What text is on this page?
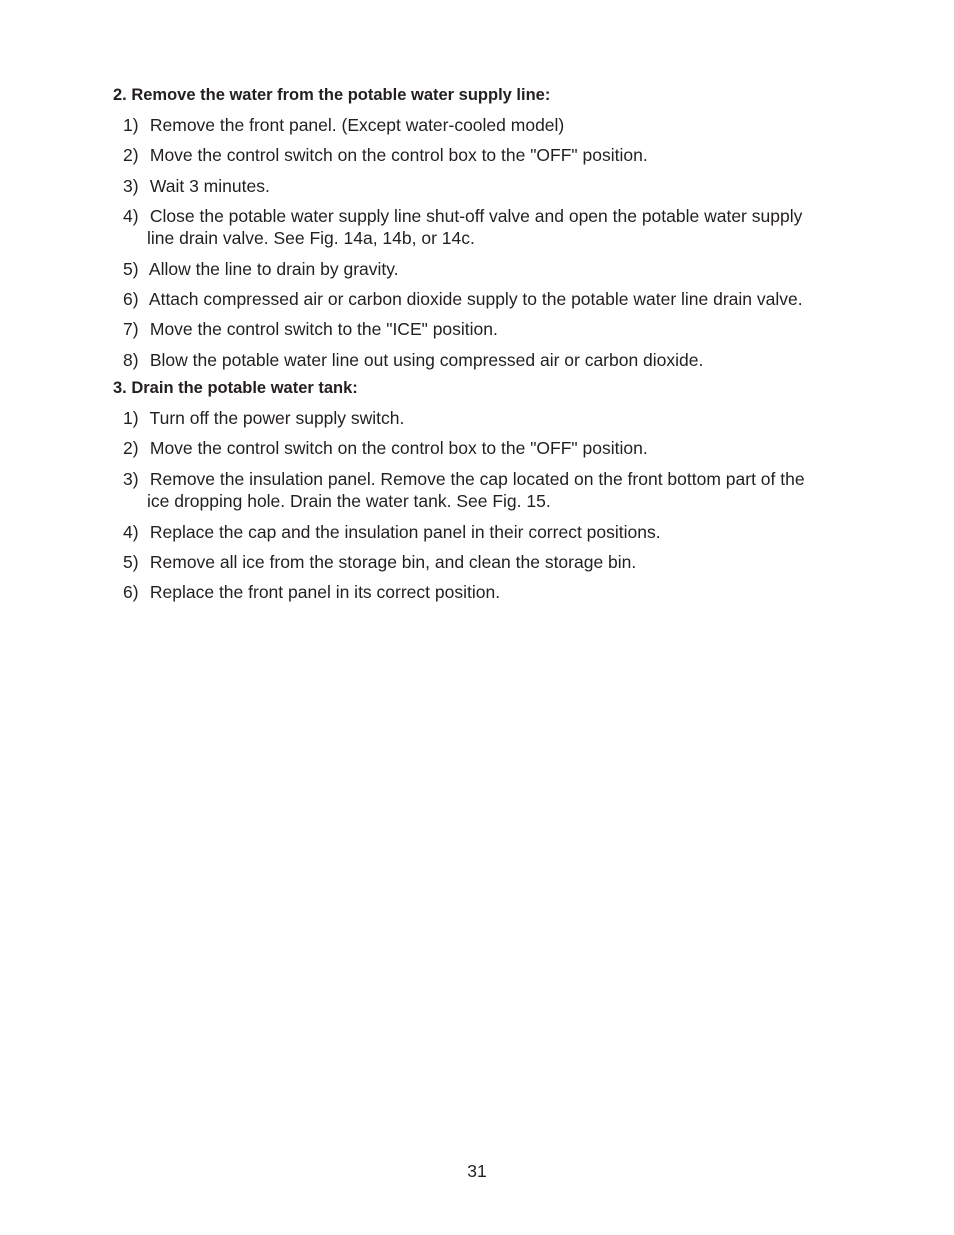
2. Remove the water from the potable water supply line:

1) Remove the front panel. (Except water-cooled model)

2) Move the control switch on the control box to the "OFF" position.

3) Wait 3 minutes.

4) Close the potable water supply line shut-off valve and open the potable water supply
line drain valve. See Fig. 14a, 14b, or 14c.

5) Allow the line to drain by gravity.

6) Attach compressed air or carbon dioxide supply to the potable water line drain valve.

7) Move the control switch to the "ICE" position.

8) Blow the potable water line out using compressed air or carbon dioxide.

3. Drain the potable water tank:

1) Turn off the power supply switch.

2) Move the control switch on the control box to the "OFF" position.

3) Remove the insulation panel. Remove the cap located on the front bottom part of the
ice dropping hole. Drain the water tank. See Fig. 15.

4) Replace the cap and the insulation panel in their correct positions.

5) Remove all ice from the storage bin, and clean the storage bin.

6) Replace the front panel in its correct position.

31
